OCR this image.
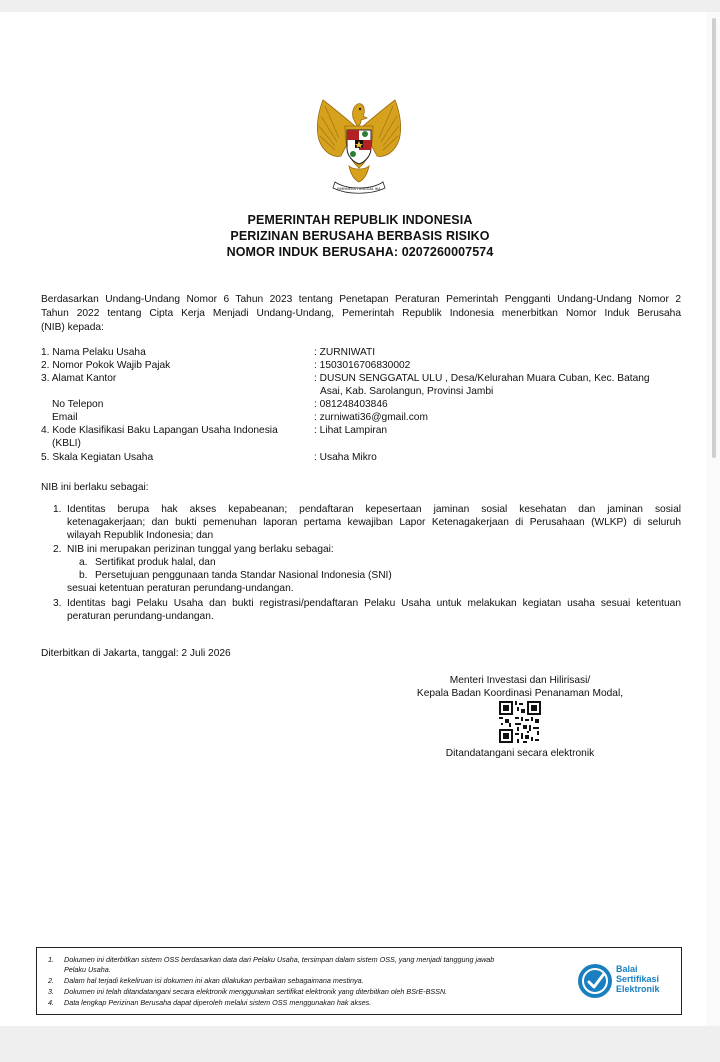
BHINNEKA TUNGGAL IKA
PEMERINTAH REPUBLIK INDONESIA
PERIZINAN BERUSAHA BERBASIS RISIKO
NOMOR INDUK BERUSAHA: 0207260007574
Berdasarkan Undang-Undang Nomor 6 Tahun 2023 tentang Penetapan Peraturan Pemerintah Pengganti Undang-Undang Nomor 2
Tahun 2022 tentang Cipta Kerja Menjadi Undang-Undang, Pemerintah Republik Indonesia menerbitkan Nomor Induk Berusaha
(NIB) kepada:
1. Nama Pelaku Usaha	: ZURNIWATI
2. Nomor Pokok Wajib Pajak	: 1503016706830002
3. Alamat Kantor	: DUSUN SENGGATAL ULU , Desa/Kelurahan Muara Cuban, Kec. Batang
Asai, Kab. Sarolangun, Provinsi Jambi
No Telepon	: 081248403846
Email	: zurniwati36@gmail.com
4. Kode Klasifikasi Baku Lapangan Usaha Indonesia	: Lihat Lampiran
(KBLI)
5. Skala Kegiatan Usaha	: Usaha Mikro
NIB ini berlaku sebagai:
1. Identitas berupa hak akses kepabeanan; pendaftaran kepesertaan jaminan sosial kesehatan dan jaminan sosial
ketenagakerjaan; dan bukti pemenuhan laporan pertama kewajiban Lapor Ketenagakerjaan di Perusahaan (WLKP) di seluruh
wilayah Republik Indonesia; dan
2. NIB ini merupakan perizinan tunggal yang berlaku sebagai:
a. Sertifikat produk halal, dan
b. Persetujuan penggunaan tanda Standar Nasional Indonesia (SNI)
sesuai ketentuan peraturan perundang-undangan.
3. Identitas bagi Pelaku Usaha dan bukti registrasi/pendaftaran Pelaku Usaha untuk melakukan kegiatan usaha sesuai ketentuan
peraturan perundang-undangan.
Diterbitkan di Jakarta, tanggal: 2 Juli 2026
Menteri Investasi dan Hilirisasi/
Kepala Badan Koordinasi Penanaman Modal,
Ditandatangani secara elektronik
1. Dokumen ini diterbitkan sistem OSS berdasarkan data dari Pelaku Usaha, tersimpan dalam sistem OSS, yang menjadi tanggung jawab
Pelaku Usaha.
2. Dalam hal terjadi kekeliruan isi dokumen ini akan dilakukan perbaikan sebagaimana mestinya.
3. Dokumen ini telah ditandatangani secara elektronik menggunakan sertifikat elektronik yang diterbitkan oleh BSrE-BSSN.
4. Data lengkap Perizinan Berusaha dapat diperoleh melalui sistem OSS menggunakan hak akses.
Balai
Sertifikasi
Elektronik
